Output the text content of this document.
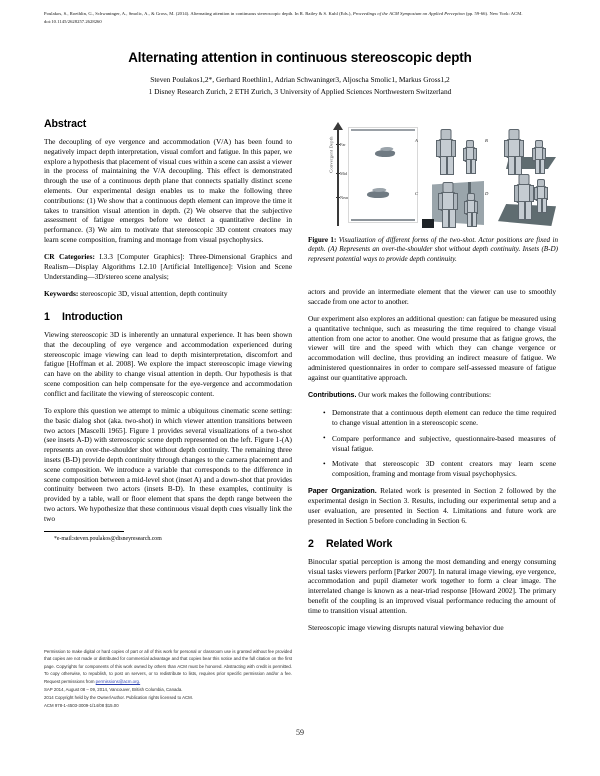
Poulakos, S., Roethlin, G., Schwaninger, A., Smolic, A., & Gross, M. (2014). Alternating attention in continuous stereoscopic depth. In R. Bailey & S. Kuhl (Eds.), Proceedings of the ACM Symposium on Applied Perception (pp. 59-66). New York: ACM. doi:10.1145/2628257.2628260
Alternating attention in continuous stereoscopic depth
Steven Poulakos1,2*, Gerhard Roethlin1, Adrian Schwaninger3, Aljoscha Smolic1, Markus Gross1,2
1 Disney Research Zurich, 2 ETH Zurich, 3 University of Applied Sciences Northwestern Switzerland
Abstract

The decoupling of eye vergence and accommodation (V/A) has been found to negatively impact depth interpretation, visual comfort and fatigue. In this paper, we explore a hypothesis that placement of visual cues within a scene can assist a viewer in the process of maintaining the V/A decoupling. This effect is demonstrated through the use of a continuous depth plane that connects spatially distinct scene elements. Our experimental design enables us to make the following three contributions: (1) We show that a continuous depth element can improve the time it takes to transition visual attention in depth. (2) We observe that the subjective assessment of fatigue emerges before we detect a quantitative decline in performance. (3) We aim to motivate that stereoscopic 3D content creators may learn scene composition, framing and montage from visual psychophysics.

CR Categories: I.3.3 [Computer Graphics]: Three-Dimensional Graphics and Realism—Display Algorithms I.2.10 [Artificial Intelligence]: Vision and Scene Understanding—3D/stereo scene analysis;

Keywords: stereoscopic 3D, visual attention, depth continuity

1 Introduction

Viewing stereoscopic 3D is inherently an unnatural experience. It has been shown that the decoupling of eye vergence and accommodation experienced during stereoscopic image viewing can lead to depth misinterpretation, discomfort and fatigue [Hoffman et al. 2008]. We explore the impact stereoscopic image viewing can have on the ability to change visual attention in depth. Our hypothesis is that scene composition can help compensate for the eye-vergence and accommodation conflict and facilitate the viewing of stereoscopic content.

To explore this question we attempt to mimic a ubiquitous cinematic scene setting: the basic dialog shot (aka. two-shot) in which viewer attention transitions between two actors [Mascelli 1965]. Figure 1 provides several visualizations of a two-shot (see insets A-D) with stereoscopic scene depth represented on the left. Figure 1-(A) represents an over-the-shoulder shot without depth continuity. The remaining three insets (B-D) provide depth continuity through changes to the camera placement and scene composition. We introduce a variable that corresponds to the difference in scene composition between a mid-level shot (inset A) and a down-shot that provides continuity between two actors (insets B-D). In these examples, continuity is provided by a table, wall or floor element that spans the depth range between the two actors. We hypothesize that these continuous visual depth cues visually link the two

*e-mail:steven.poulakos@disneyresearch.com
Convergent Depth Far
Mid
Near
A	B
C	D
Figure 1: Visualization of different forms of the two-shot. Actor positions are fixed in depth. (A) Represents an over-the-shoulder shot without depth continuity. Insets (B-D) represent potential ways to provide depth continuity.

actors and provide an intermediate element that the viewer can use to smoothly saccade from one actor to another.

Our experiment also explores an additional question: can fatigue be measured using a quantitative technique, such as measuring the time required to change visual attention from one actor to another. One would presume that as fatigue grows, the viewer will tire and the speed with which they can change vergence or accommodation will decline, thus providing an indirect measure of fatigue. We administered questionnaires in order to compare self-assessed measure of fatigue against our quantitative approach.

Contributions. Our work makes the following contributions:

• Demonstrate that a continuous depth element can reduce the time required to change visual attention in a stereoscopic scene.
• Compare performance and subjective, questionnaire-based measures of visual fatigue.
• Motivate that stereoscopic 3D content creators may learn scene composition, framing and montage from visual psychophysics.

Paper Organization. Related work is presented in Section 2 followed by the experimental design in Section 3. Results, including our experimental setup and a user evaluation, are presented in Section 4. Limitations and future work are presented in Section 5 before concluding in Section 6.

2 Related Work

Binocular spatial perception is among the most demanding and energy consuming visual tasks viewers perform [Parker 2007]. In natural image viewing, eye vergence, accommodation and pupil diameter work together to form a clear image. The interrelated change is known as a near-triad response [Howard 2002]. The primary benefit of the coupling is an improved visual performance reducing the amount of time to transition visual attention.

Stereoscopic image viewing disrupts natural viewing behavior due

Permission to make digital or hard copies of part or all of this work for personal or classroom use is granted without fee provided that copies are not made or distributed for commercial advantage and that copies bear this notice and the full citation on the first page. Copyrights for components of this work owned by others than ACM must be honored. Abstracting with credit is permitted. To copy otherwise, to republish, to post on servers, or to redistribute to lists, requires prior specific permission and/or a fee. Request permissions from permissions@acm.org.
SAP 2014, August 08 – 09, 2014, Vancouver, British Columbia, Canada.
2014 Copyright held by the Owner/Author. Publication rights licensed to ACM.
ACM 978-1-4503-3009-1/14/08 $15.00
59
